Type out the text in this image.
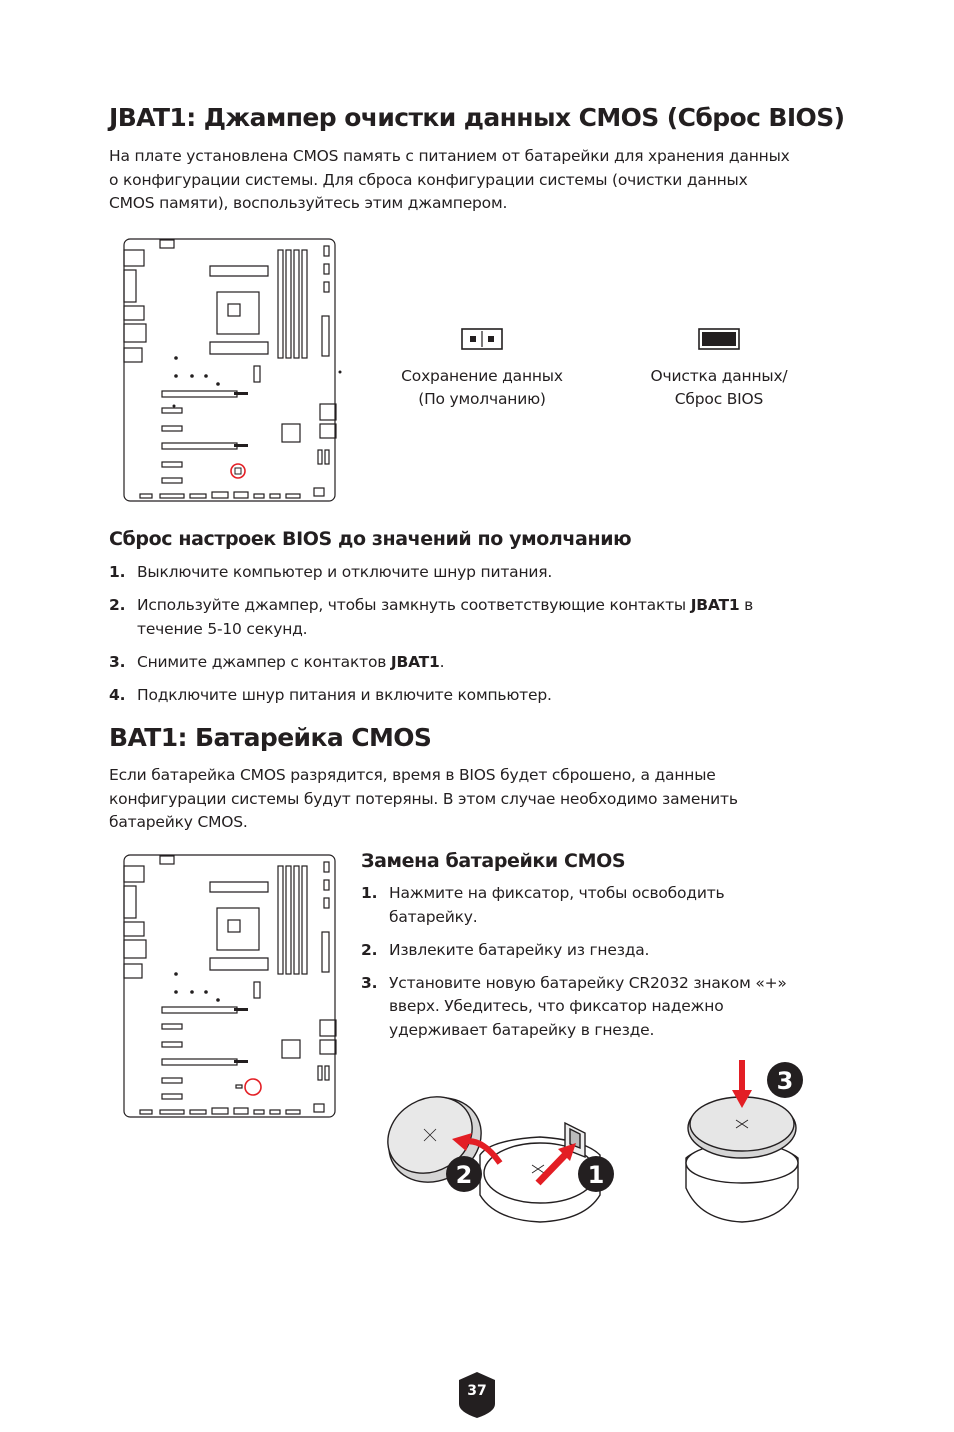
JBAT1: Джампер очистки данных CMOS (Сброс BIOS)
На плате установлена CMOS память с питанием от батарейки для хранения данных
о конфигурации системы. Для сброса конфигурации системы (очистки данных
CMOS памяти), воспользуйтесь этим джампером.
Сохранение данных
(По умолчанию)
Очистка данных/
Сброс BIOS
Сброс настроек BIOS до значений по умолчанию
1. Выключите компьютер и отключите шнур питания.
2. Используйте джампер, чтобы замкнуть соответствующие контакты JBAT1 в течение 5-10 секунд.
3. Снимите джампер с контактов JBAT1.
4. Подключите шнур питания и включите компьютер.
BAT1: Батарейка CMOS
Если батарейка CMOS разрядится, время в BIOS будет сброшено, а данные
конфигурации системы будут потеряны. В этом случае необходимо заменить
батарейку CMOS.
Замена батарейки CMOS
1. Нажмите на фиксатор, чтобы освободить батарейку.
2. Извлеките батарейку из гнезда.
3. Установите новую батарейку CR2032 знаком «+» вверх. Убедитесь, что фиксатор надежно удерживает батарейку в гнезде.
2	1
3
37
